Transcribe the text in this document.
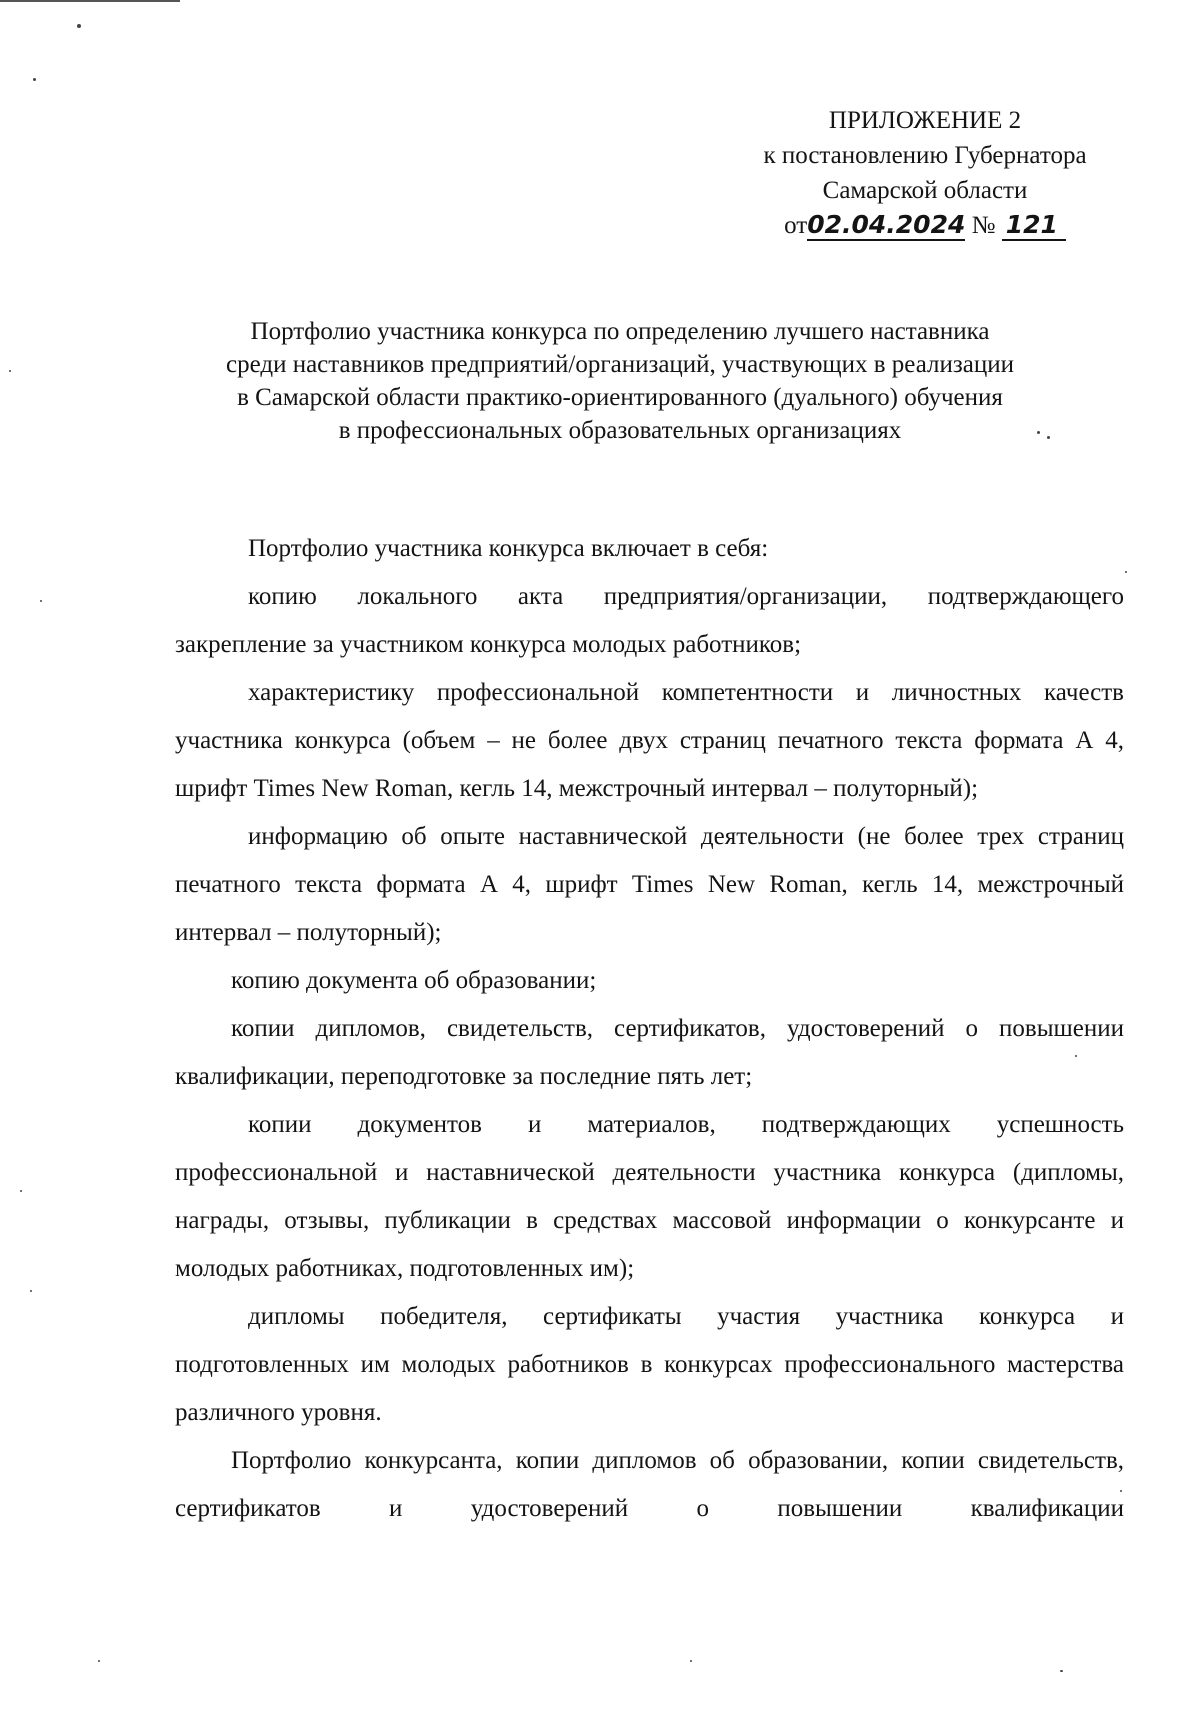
ПРИЛОЖЕНИЕ 2
к постановлению Губернатора
Самарской области
от02.04.2024 № 121
Портфолио участника конкурса по определению лучшего наставника
среди наставников предприятий/организаций, участвующих в реализации
в Самарской области практико-ориентированного (дуального) обучения
в профессиональных образовательных организациях

Портфолио участника конкурса включает в себя:

копию локального акта предприятия/организации, подтверждающего закрепление за участником конкурса молодых работников;

характеристику профессиональной компетентности и личностных качеств участника конкурса (объем – не более двух страниц печатного текста формата А 4, шрифт Times New Roman, кегль 14, межстрочный интервал – полуторный);

информацию об опыте наставнической деятельности (не более трех страниц печатного текста формата А 4, шрифт Times New Roman, кегль 14, межстрочный интервал – полуторный);

копию документа об образовании;

копии дипломов, свидетельств, сертификатов, удостоверений о повышении квалификации, переподготовке за последние пять лет;

копии документов и материалов, подтверждающих успешность профессиональной и наставнической деятельности участника конкурса (дипломы, награды, отзывы, публикации в средствах массовой информации о конкурсанте и молодых работниках, подготовленных им);

дипломы победителя, сертификаты участия участника конкурса и подготовленных им молодых работников в конкурсах профессионального мастерства различного уровня.

Портфолио конкурсанта, копии дипломов об образовании, копии свидетельств, сертификатов и удостоверений о повышении квалификации
